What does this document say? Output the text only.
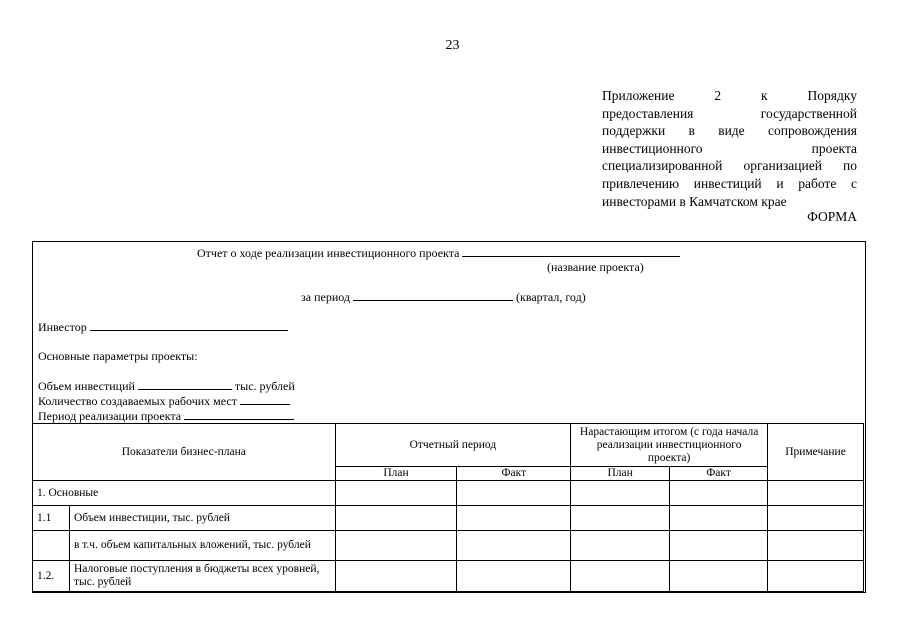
23
Приложение 2 к Порядку
предоставления государственной
поддержки в виде сопровождения
инвестиционного проекта
специализированной организацией по
привлечению инвестиций и работе с
инвесторами в Камчатском крае
ФОРМА
Отчет о ходе реализации инвестиционного проекта
(название проекта)
за период	(квартал, год)
Инвестор
Основные параметры проекты:
Объем инвестиций	тыс. рублей
Количество создаваемых рабочих мест
Период реализации проекта
Показатели бизнес-плана		Отчетный период		Нарастающим итогом (с года начала реализации инвестиционного проекта)		Примечание
		План	Факт	План	Факт	
1. Основные						
1.1	Объем инвестиции, тыс. рублей					
	в т.ч. объем капитальных вложений, тыс. рублей					
1.2.	Налоговые поступления в бюджеты всех уровней, тыс. рублей					
